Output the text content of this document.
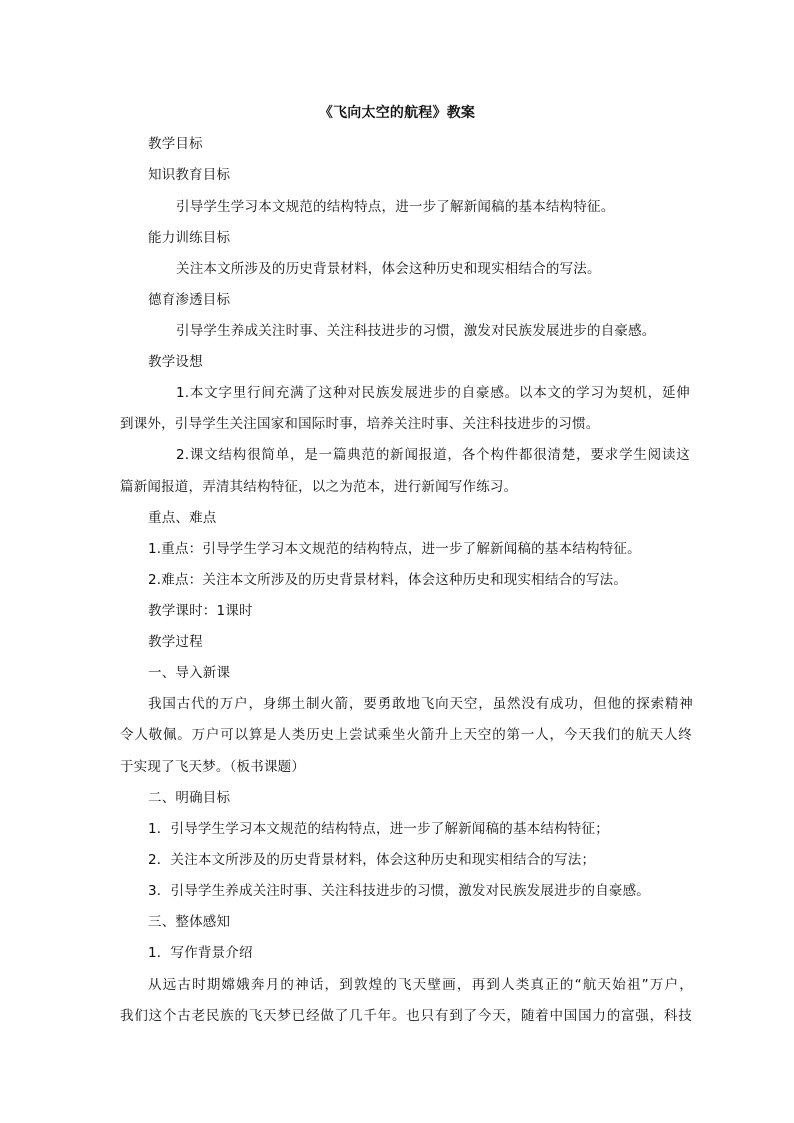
《飞向太空的航程》教案
教学目标
知识教育目标
引导学生学习本文规范的结构特点，进一步了解新闻稿的基本结构特征。
能力训练目标
关注本文所涉及的历史背景材料，体会这种历史和现实相结合的写法。
德育渗透目标
引导学生养成关注时事、关注科技进步的习惯，激发对民族发展进步的自豪感。
教学设想
1.本文字里行间充满了这种对民族发展进步的自豪感。以本文的学习为契机，延伸
到课外，引导学生关注国家和国际时事，培养关注时事、关注科技进步的习惯。
2.课文结构很简单，是一篇典范的新闻报道，各个构件都很清楚，要求学生阅读这
篇新闻报道，弄清其结构特征，以之为范本，进行新闻写作练习。
重点、难点
1.重点：引导学生学习本文规范的结构特点，进一步了解新闻稿的基本结构特征。
2.难点：关注本文所涉及的历史背景材料，体会这种历史和现实相结合的写法。
教学课时：1课时
教学过程
一、导入新课
我国古代的万户，身绑土制火箭，要勇敢地飞向天空，虽然没有成功，但他的探索精神
令人敬佩。万户可以算是人类历史上尝试乘坐火箭升上天空的第一人，今天我们的航天人终
于实现了飞天梦。（板书课题）
二、明确目标
1．引导学生学习本文规范的结构特点，进一步了解新闻稿的基本结构特征；
2．关注本文所涉及的历史背景材料，体会这种历史和现实相结合的写法；
3．引导学生养成关注时事、关注科技进步的习惯，激发对民族发展进步的自豪感。
三、整体感知
1．写作背景介绍
从远古时期嫦娥奔月的神话，到敦煌的飞天壁画，再到人类真正的“航天始祖”万户，
我们这个古老民族的飞天梦已经做了几千年。也只有到了今天，随着中国国力的富强，科技
